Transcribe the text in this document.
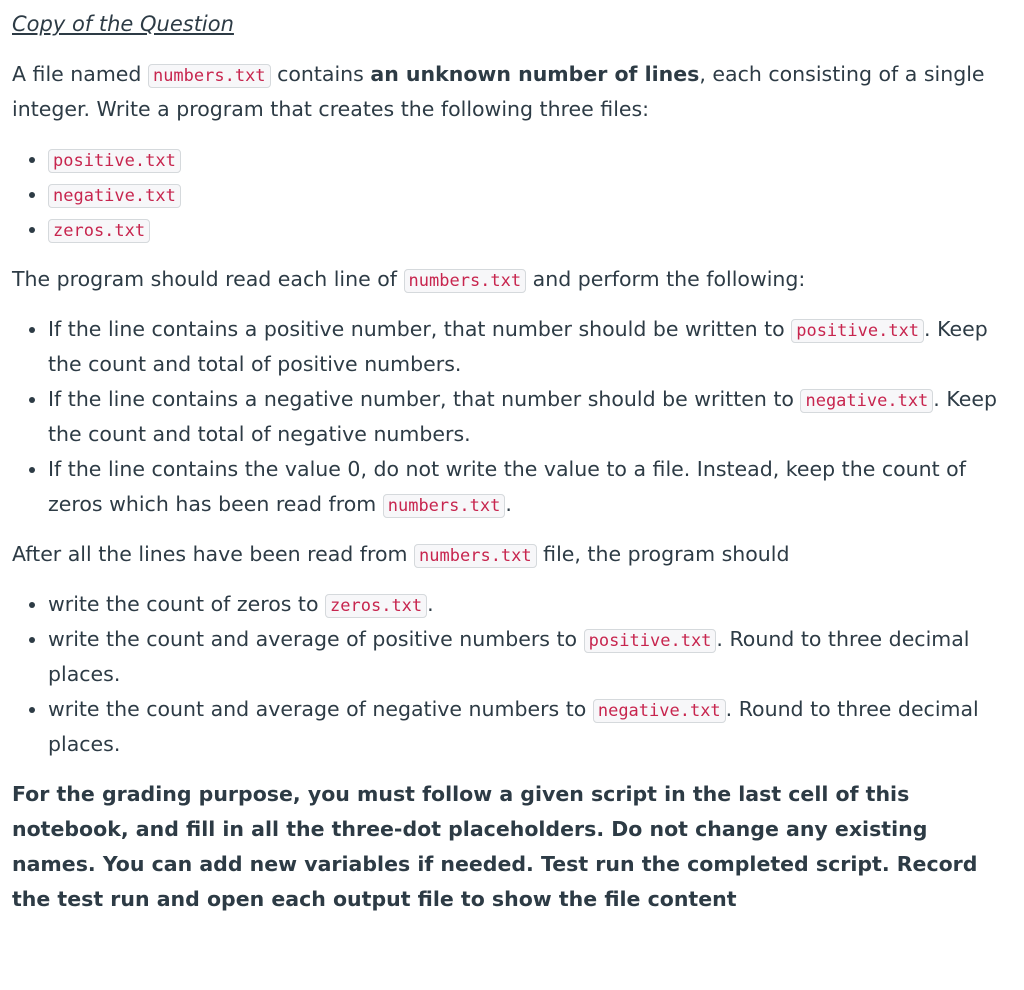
Copy of the Question

A file named numbers.txt contains an unknown number of lines, each consisting of a single integer. Write a program that creates the following three files:

• positive.txt
• negative.txt
• zeros.txt

The program should read each line of numbers.txt and perform the following:

• If the line contains a positive number, that number should be written to positive.txt . Keep the count and total of positive numbers.
• If the line contains a negative number, that number should be written to negative.txt . Keep the count and total of negative numbers.
• If the line contains the value 0, do not write the value to a file. Instead, keep the count of zeros which has been read from numbers.txt .

After all the lines have been read from numbers.txt file, the program should

• write the count of zeros to zeros.txt .
• write the count and average of positive numbers to positive.txt . Round to three decimal places.
• write the count and average of negative numbers to negative.txt . Round to three decimal places.

For the grading purpose, you must follow a given script in the last cell of this notebook, and fill in all the three-dot placeholders. Do not change any existing names. You can add new variables if needed. Test run the completed script. Record the test run and open each output file to show the file content
